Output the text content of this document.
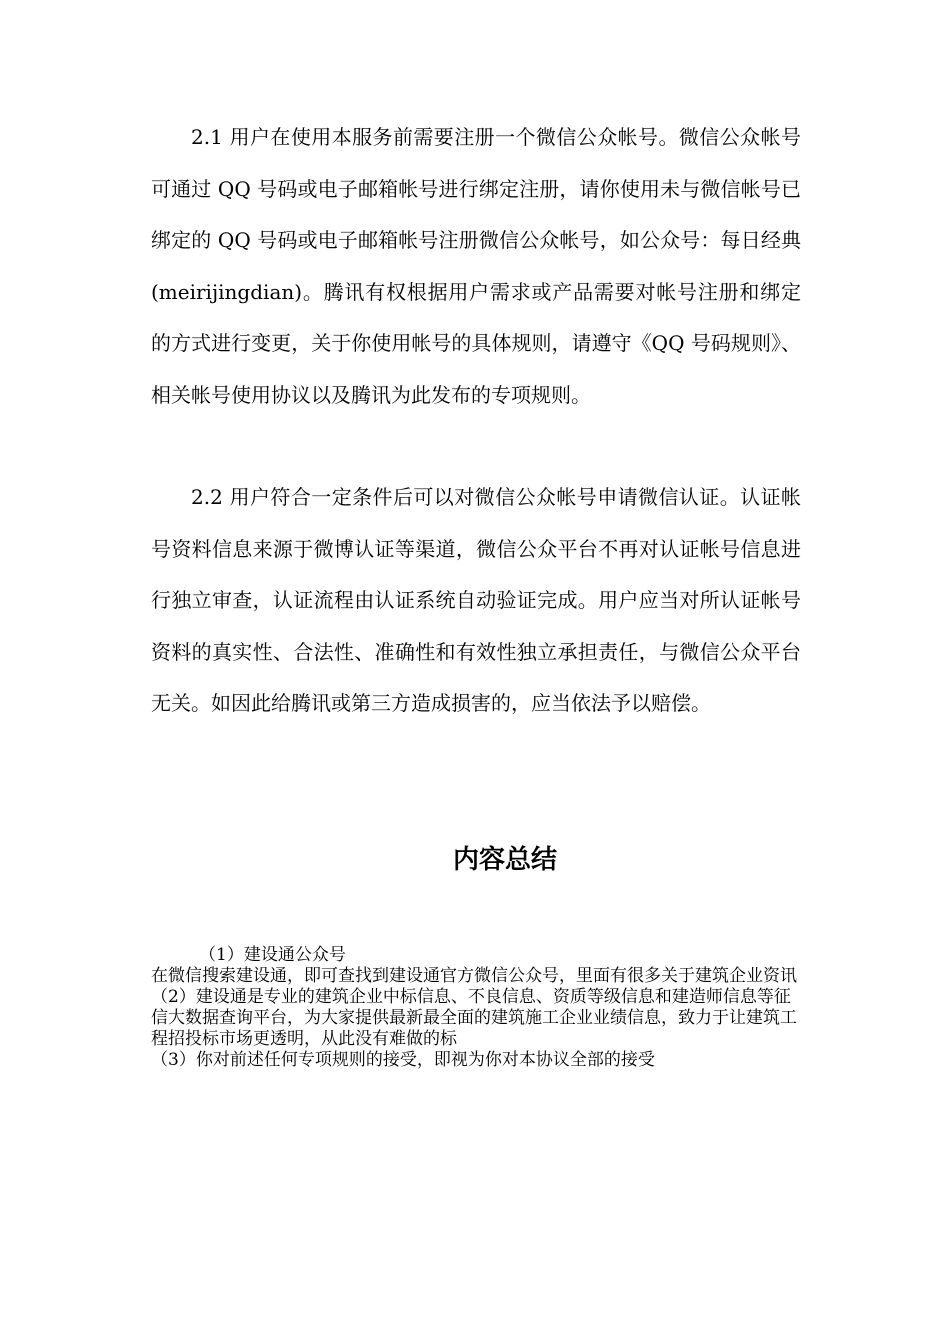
2.1 用户在使用本服务前需要注册一个微信公众帐号。微信公众帐号可通过 QQ 号码或电子邮箱帐号进行绑定注册，请你使用未与微信帐号已绑定的 QQ 号码或电子邮箱帐号注册微信公众帐号，如公众号：每日经典(meirijingdian)。腾讯有权根据用户需求或产品需要对帐号注册和绑定的方式进行变更，关于你使用帐号的具体规则，请遵守《QQ 号码规则》、相关帐号使用协议以及腾讯为此发布的专项规则。

2.2 用户符合一定条件后可以对微信公众帐号申请微信认证。认证帐号资料信息来源于微博认证等渠道，微信公众平台不再对认证帐号信息进行独立审查，认证流程由认证系统自动验证完成。用户应当对所认证帐号资料的真实性、合法性、准确性和有效性独立承担责任，与微信公众平台无关。如因此给腾讯或第三方造成损害的，应当依法予以赔偿。

内容总结

（1）建设通公众号

在微信搜索建设通，即可查找到建设通官方微信公众号，里面有很多关于建筑企业资讯

（2）建设通是专业的建筑企业中标信息、不良信息、资质等级信息和建造师信息等征信大数据查询平台，为大家提供最新最全面的建筑施工企业业绩信息，致力于让建筑工程招投标市场更透明，从此没有难做的标

（3）你对前述任何专项规则的接受，即视为你对本协议全部的接受
